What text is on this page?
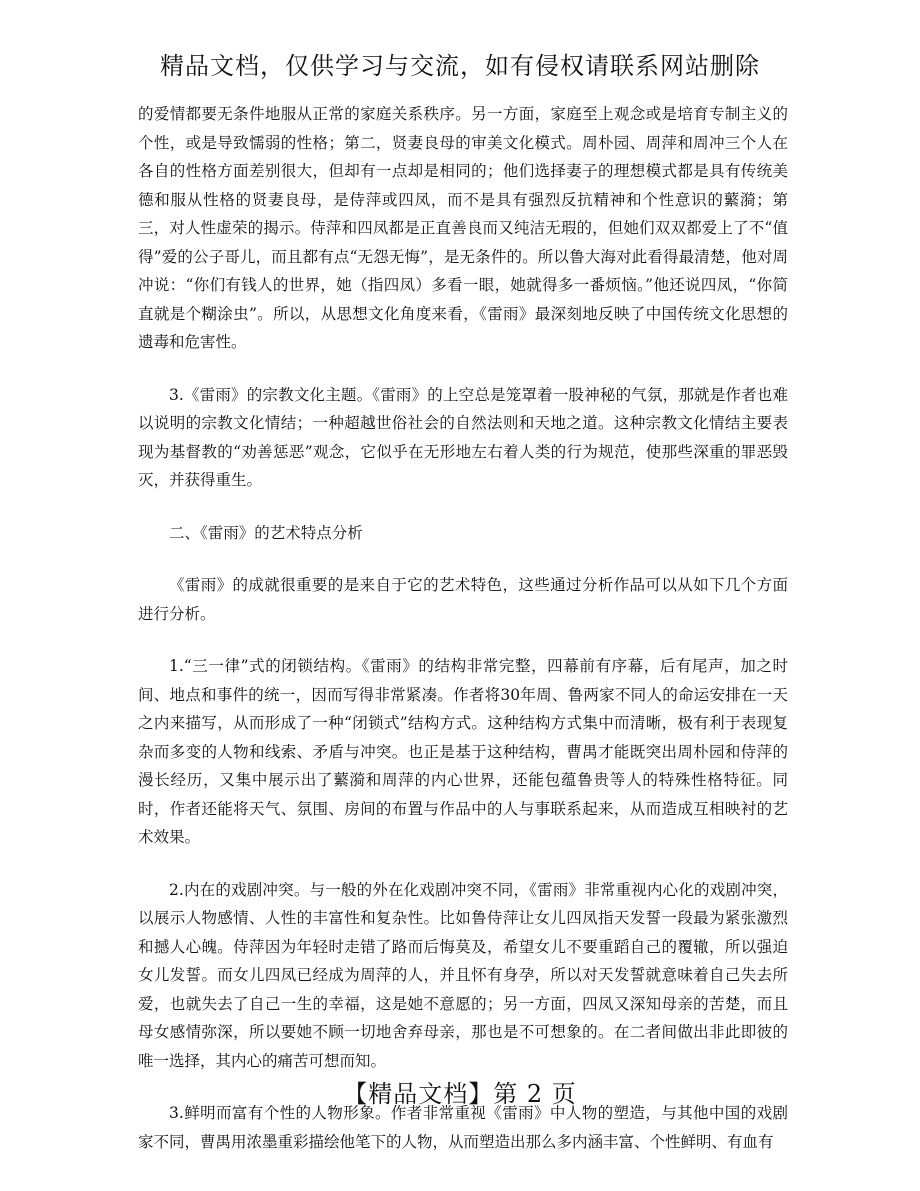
精品文档，仅供学习与交流，如有侵权请联系网站删除

的爱情都要无条件地服从正常的家庭关系秩序。另一方面，家庭至上观念或是培育专制主义的个性，或是导致懦弱的性格；第二，贤妻良母的审美文化模式。周朴园、周萍和周冲三个人在各自的性格方面差别很大，但却有一点却是相同的；他们选择妻子的理想模式都是具有传统美德和服从性格的贤妻良母，是侍萍或四凤，而不是具有强烈反抗精神和个性意识的蘩漪；第三，对人性虚荣的揭示。侍萍和四凤都是正直善良而又纯洁无瑕的，但她们双双都爱上了不“值得”爱的公子哥儿，而且都有点“无怨无悔”，是无条件的。所以鲁大海对此看得最清楚，他对周冲说：“你们有钱人的世界，她（指四凤）多看一眼，她就得多一番烦恼。”他还说四凤，“你简直就是个糊涂虫”。所以，从思想文化角度来看，《雷雨》最深刻地反映了中国传统文化思想的遗毒和危害性。

3.《雷雨》的宗教文化主题。《雷雨》的上空总是笼罩着一股神秘的气氛，那就是作者也难以说明的宗教文化情结；一种超越世俗社会的自然法则和天地之道。这种宗教文化情结主要表现为基督教的“劝善惩恶”观念，它似乎在无形地左右着人类的行为规范，使那些深重的罪恶毁灭，并获得重生。

二、《雷雨》的艺术特点分析

《雷雨》的成就很重要的是来自于它的艺术特色，这些通过分析作品可以从如下几个方面进行分析。

1.“三一律”式的闭锁结构。《雷雨》的结构非常完整，四幕前有序幕，后有尾声，加之时间、地点和事件的统一，因而写得非常紧凑。作者将30年周、鲁两家不同人的命运安排在一天之内来描写，从而形成了一种“闭锁式”结构方式。这种结构方式集中而清晰，极有利于表现复杂而多变的人物和线索、矛盾与冲突。也正是基于这种结构，曹禺才能既突出周朴园和侍萍的漫长经历，又集中展示出了蘩漪和周萍的内心世界，还能包蕴鲁贵等人的特殊性格特征。同时，作者还能将天气、氛围、房间的布置与作品中的人与事联系起来，从而造成互相映衬的艺术效果。

2.内在的戏剧冲突。与一般的外在化戏剧冲突不同，《雷雨》非常重视内心化的戏剧冲突，以展示人物感情、人性的丰富性和复杂性。比如鲁侍萍让女儿四凤指天发誓一段最为紧张激烈和撼人心魄。侍萍因为年轻时走错了路而后悔莫及，希望女儿不要重蹈自己的覆辙，所以强迫女儿发誓。而女儿四凤已经成为周萍的人，并且怀有身孕，所以对天发誓就意味着自己失去所爱，也就失去了自己一生的幸福，这是她不意愿的；另一方面，四凤又深知母亲的苦楚，而且母女感情弥深，所以要她不顾一切地舍弃母亲，那也是不可想象的。在二者间做出非此即彼的唯一选择，其内心的痛苦可想而知。

3.鲜明而富有个性的人物形象。作者非常重视《雷雨》中人物的塑造，与其他中国的戏剧家不同，曹禺用浓墨重彩描绘他笔下的人物，从而塑造出那么多内涵丰富、个性鲜明、有血有

【精品文档】第 2 页
